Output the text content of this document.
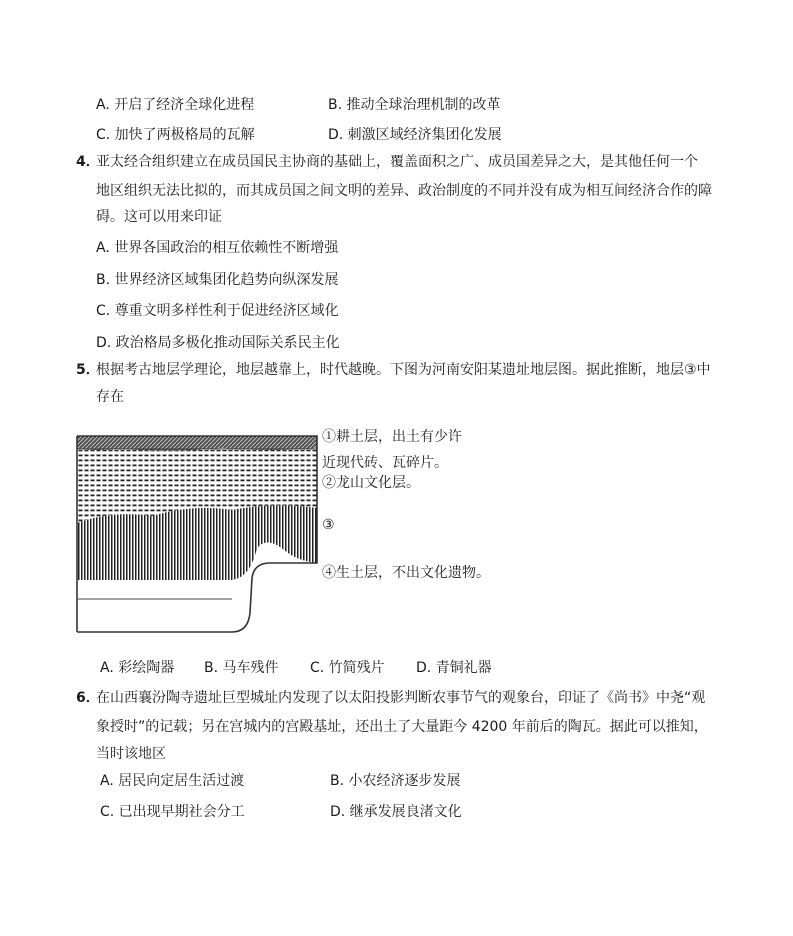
A. 开启了经济全球化进程	B. 推动全球治理机制的改革
C. 加快了两极格局的瓦解	D. 刺激区域经济集团化发展
4．
亚太经合组织建立在成员国民主协商的基础上，覆盖面积之广、成员国差异之大，是其他任何一个
地区组织无法比拟的，而其成员国之间文明的差异、政治制度的不同并没有成为相互间经济合作的障
碍。这可以用来印证
A. 世界各国政治的相互依赖性不断增强
B. 世界经济区域集团化趋势向纵深发展
C. 尊重文明多样性利于促进经济区域化
D. 政治格局多极化推动国际关系民主化
5．
根据考古地层学理论，地层越靠上，时代越晚。下图为河南安阳某遗址地层图。据此推断，地层③中
存在
①耕土层，出土有少许
近现代砖、瓦碎片。
②龙山文化层。
③
④生土层，不出文化遗物。
A. 彩绘陶器 B. 马车残件 C. 竹简残片 D. 青铜礼器
6．
在山西襄汾陶寺遗址巨型城址内发现了以太阳投影判断农事节气的观象台，印证了《尚书》中尧“观
象授时”的记载；另在宫城内的宫殿基址，还出土了大量距今 4200 年前后的陶瓦。据此可以推知，
当时该地区
A. 居民向定居生活过渡	B. 小农经济逐步发展
C. 已出现早期社会分工	D. 继承发展良渚文化
